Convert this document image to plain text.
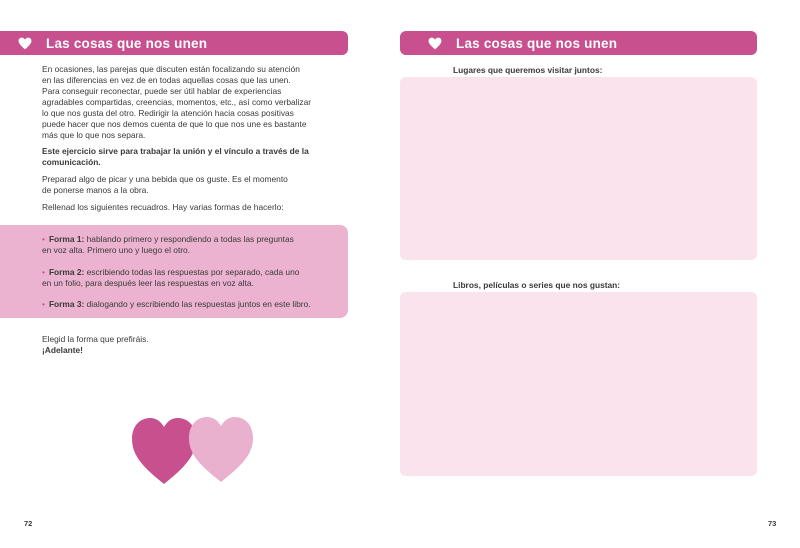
Las cosas que nos unen

En ocasiones, las parejas que discuten están focalizando su atención

en las diferencias en vez de en todas aquellas cosas que las unen.

Para conseguir reconectar, puede ser útil hablar de experiencias

agradables compartidas, creencias, momentos, etc., así como verbalizar

lo que nos gusta del otro. Redirigir la atención hacia cosas positivas

puede hacer que nos demos cuenta de que lo que nos une es bastante

más que lo que nos separa.

Este ejercicio sirve para trabajar la unión y el vínculo a través de la

comunicación.

Preparad algo de picar y una bebida que os guste. Es el momento

de ponerse manos a la obra.

Rellenad los siguientes recuadros. Hay varias formas de hacerlo:
• Forma 1: hablando primero y respondiendo a todas las preguntas
en voz alta. Primero uno y luego el otro.
• Forma 2: escribiendo todas las respuestas por separado, cada uno
en un folio, para después leer las respuestas en voz alta.
• Forma 3: dialogando y escribiendo las respuestas juntos en este libro.

Elegid la forma que prefiráis.

¡Adelante!

72
Las cosas que nos unen
Lugares que queremos visitar juntos:
Libros, películas o series que nos gustan:
73
